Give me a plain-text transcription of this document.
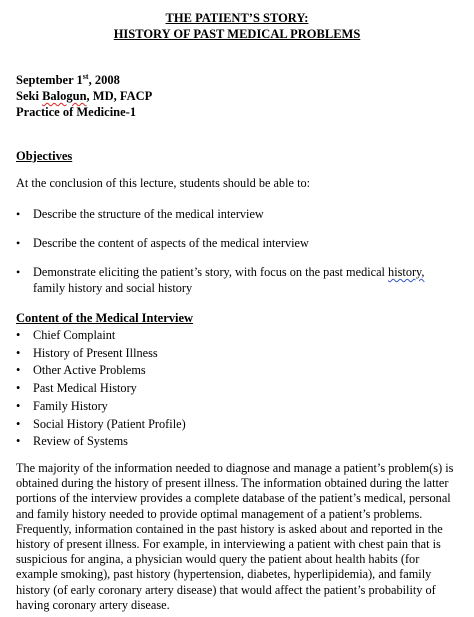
THE PATIENT’S STORY:
HISTORY OF PAST MEDICAL PROBLEMS
September 1st, 2008
Seki Balogun, MD, FACP
Practice of Medicine-1
Objectives
At the conclusion of this lecture, students should be able to:
• Describe the structure of the medical interview
• Describe the content of aspects of the medical interview
• Demonstrate eliciting the patient’s story, with focus on the past medical history,
family history and social history
Content of the Medical Interview
• Chief Complaint
• History of Present Illness
• Other Active Problems
• Past Medical History
• Family History
• Social History (Patient Profile)
• Review of Systems
The majority of the information needed to diagnose and manage a patient’s problem(s) is
obtained during the history of present illness. The information obtained during the latter
portions of the interview provides a complete database of the patient’s medical, personal
and family history needed to provide optimal management of a patient’s problems.
Frequently, information contained in the past history is asked about and reported in the
history of present illness. For example, in interviewing a patient with chest pain that is
suspicious for angina, a physician would query the patient about health habits (for
example smoking), past history (hypertension, diabetes, hyperlipidemia), and family
history (of early coronary artery disease) that would affect the patient’s probability of
having coronary artery disease.
